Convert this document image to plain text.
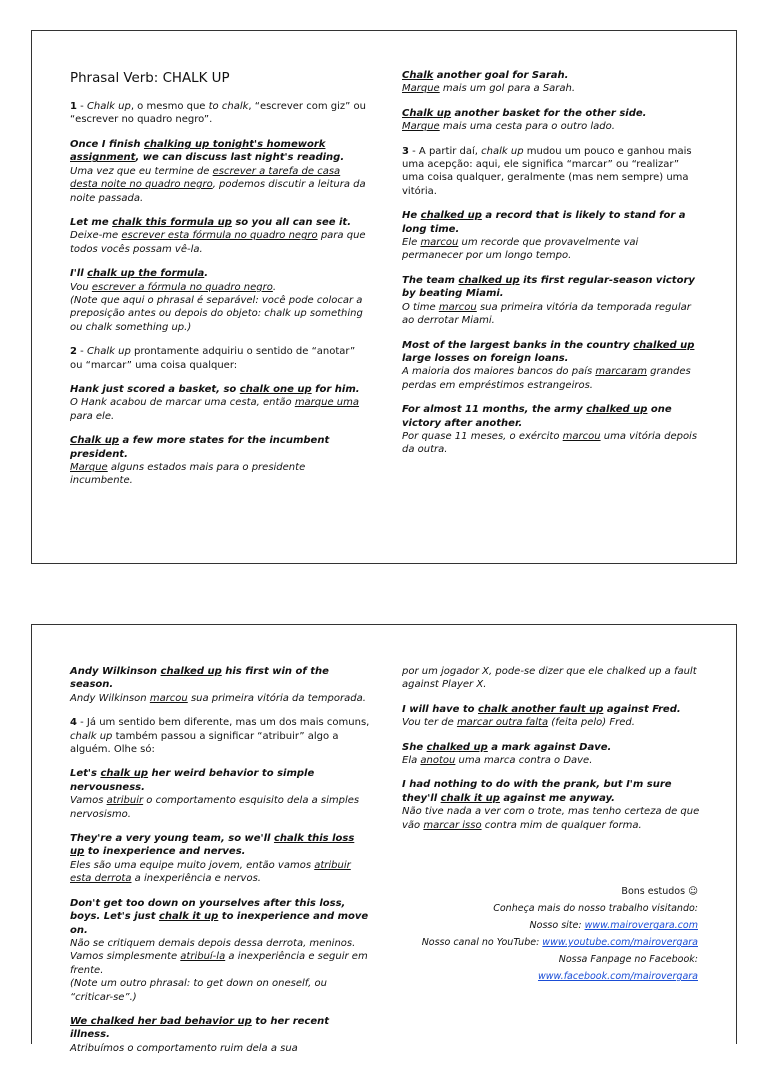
Phrasal Verb: CHALK UP

1 - Chalk up, o mesmo que to chalk, “escrever com giz” ou “escrever no quadro negro”.

Once I finish chalking up tonight's homework assignment, we can discuss last night's reading.

Uma vez que eu termine de escrever a tarefa de casa desta noite no quadro negro, podemos discutir a leitura da noite passada.

Let me chalk this formula up so you all can see it.

Deixe-me escrever esta fórmula no quadro negro para que todos vocês possam vê-la.

I'll chalk up the formula.

Vou escrever a fórmula no quadro negro.

(Note que aqui o phrasal é separável: você pode colocar a preposição antes ou depois do objeto: chalk up something ou chalk something up.)

2 - Chalk up prontamente adquiriu o sentido de “anotar” ou “marcar” uma coisa qualquer:

Hank just scored a basket, so chalk one up for him.

O Hank acabou de marcar uma cesta, então marque uma para ele.

Chalk up a few more states for the incumbent president.

Marque alguns estados mais para o presidente incumbente.

Chalk another goal for Sarah.

Marque mais um gol para a Sarah.

Chalk up another basket for the other side.

Marque mais uma cesta para o outro lado.

3 - A partir daí, chalk up mudou um pouco e ganhou mais uma acepção: aqui, ele significa “marcar” ou “realizar” uma coisa qualquer, geralmente (mas nem sempre) uma vitória.

He chalked up a record that is likely to stand for a long time.

Ele marcou um recorde que provavelmente vai permanecer por um longo tempo.

The team chalked up its first regular-season victory by beating Miami.

O time marcou sua primeira vitória da temporada regular ao derrotar Miami.

Most of the largest banks in the country chalked up large losses on foreign loans.

A maioria dos maiores bancos do país marcaram grandes perdas em empréstimos estrangeiros.

For almost 11 months, the army chalked up one victory after another.

Por quase 11 meses, o exército marcou uma vitória depois da outra.

Andy Wilkinson chalked up his first win of the season.

Andy Wilkinson marcou sua primeira vitória da temporada.

4 - Já um sentido bem diferente, mas um dos mais comuns, chalk up também passou a significar “atribuir” algo a alguém. Olhe só:

Let's chalk up her weird behavior to simple nervousness.

Vamos atribuir o comportamento esquisito dela a simples nervosismo.

They're a very young team, so we'll chalk this loss up to inexperience and nerves.

Eles são uma equipe muito jovem, então vamos atribuir esta derrota a inexperiência e nervos.

Don't get too down on yourselves after this loss, boys. Let's just chalk it up to inexperience and move on.

Não se critiquem demais depois dessa derrota, meninos. Vamos simplesmente atribuí-la a inexperiência e seguir em frente.

(Note um outro phrasal: to get down on oneself, ou “criticar-se”.)

We chalked her bad behavior up to her recent illness.

Atribuímos o comportamento ruim dela a sua

por um jogador X, pode-se dizer que ele chalked up a fault against Player X.

I will have to chalk another fault up against Fred.

Vou ter de marcar outra falta (feita pelo) Fred.

She chalked up a mark against Dave.

Ela anotou uma marca contra o Dave.

I had nothing to do with the prank, but I'm sure they'll chalk it up against me anyway.

Não tive nada a ver com o trote, mas tenho certeza de que vão marcar isso contra mim de qualquer forma.

Bons estudos ☺
Conheça mais do nosso trabalho visitando:
Nosso site: www.mairovergara.com
Nosso canal no YouTube: www.youtube.com/mairovergara
Nossa Fanpage no Facebook:
www.facebook.com/mairovergara
